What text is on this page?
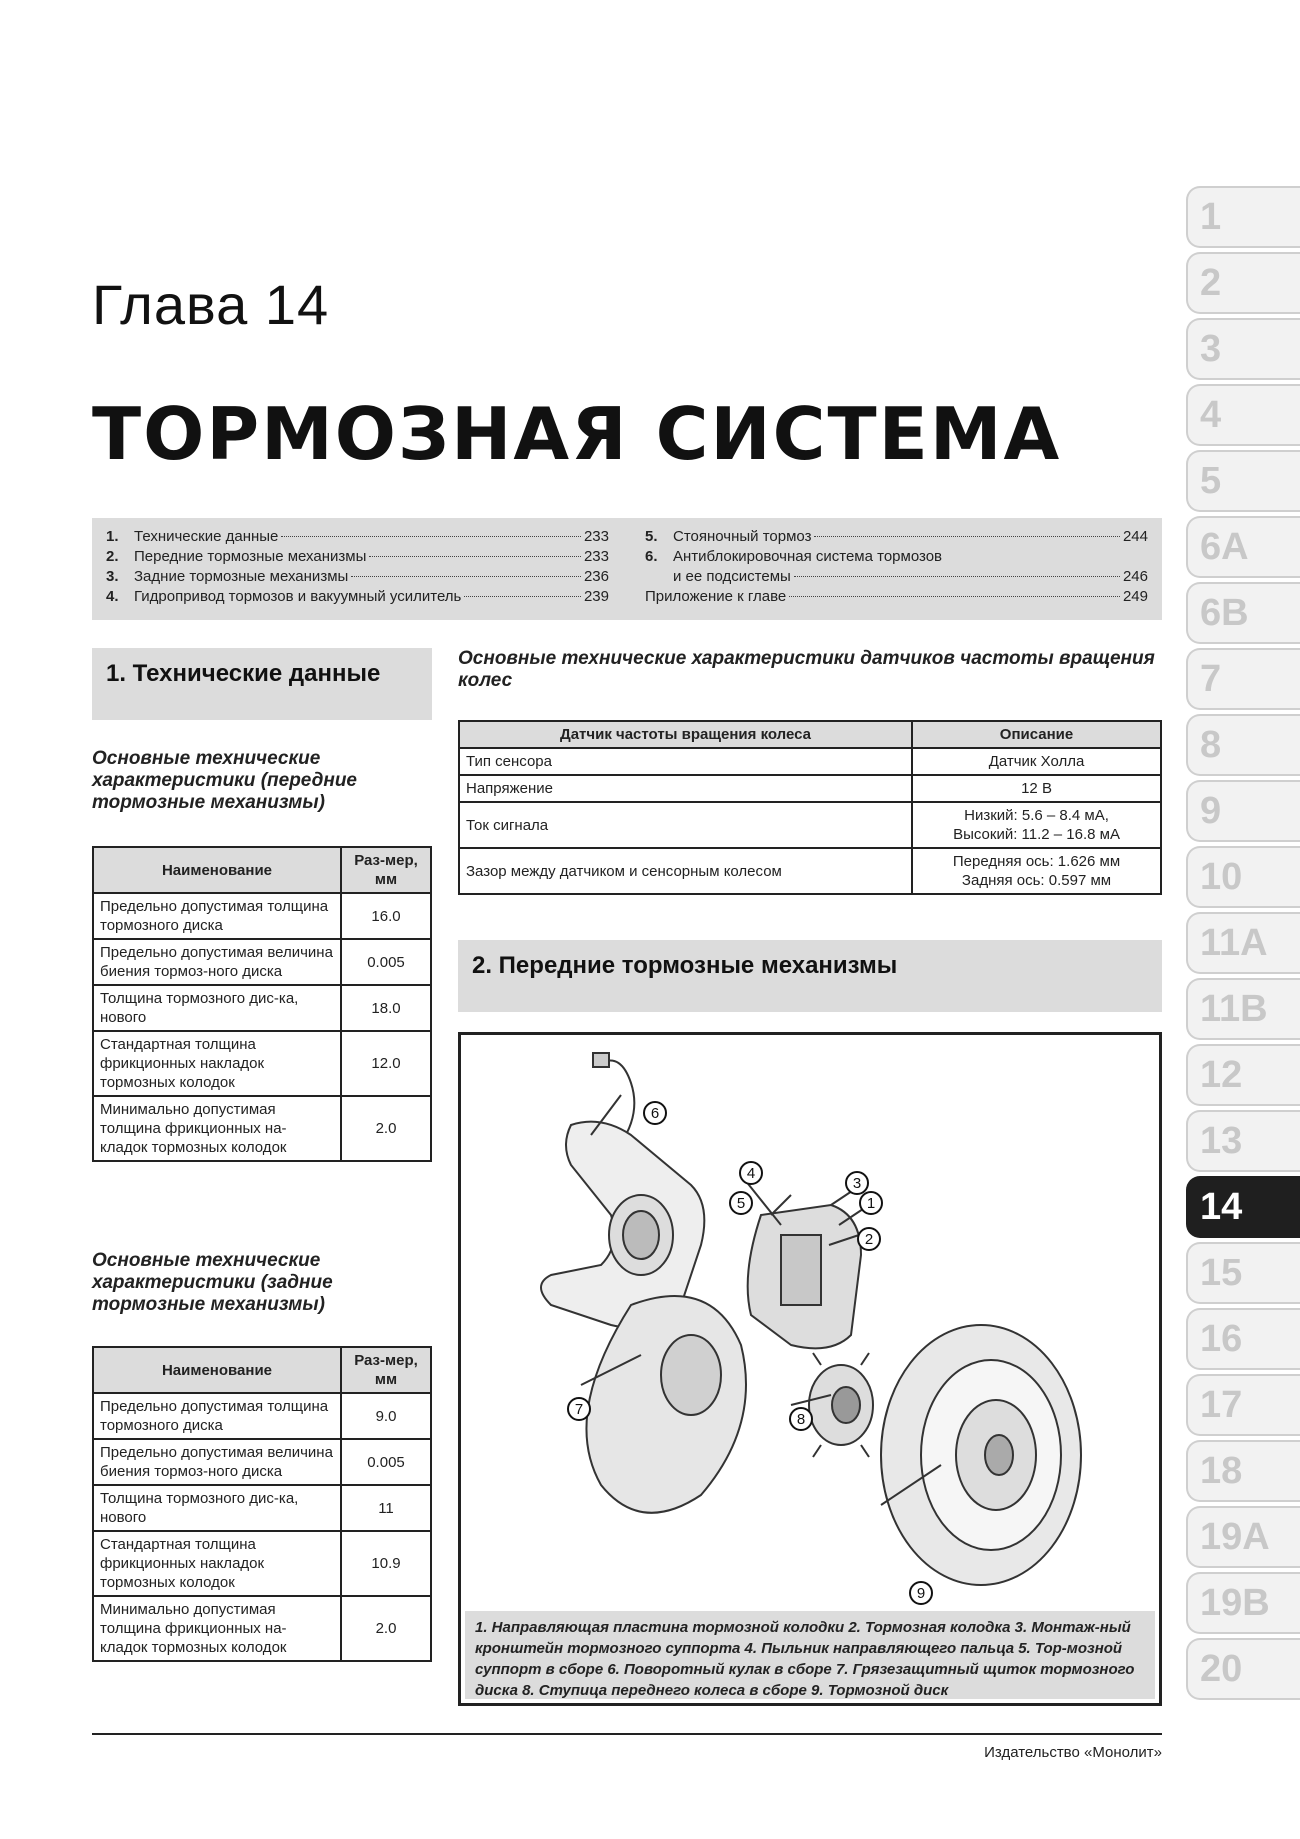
Глава 14
ТОРМОЗНАЯ СИСТЕМА
1.	Технические данные	233
2.	Передние тормозные механизмы	233
3.	Задние тормозные механизмы	236
4.	Гидропривод тормозов и вакуумный усилитель	239
5.	Стояночный тормоз	244
6.	Антиблокировочная система тормозов
и ее подсистемы	246
Приложение к главе	249
1. Технические данные
Основные технические характеристики (передние тормозные механизмы)
Наименование	Раз-мер, мм
Предельно допустимая толщина тормозного диска	16.0
Предельно допустимая величина биения тормоз-ного диска	0.005
Толщина тормозного дис-ка, нового	18.0
Стандартная толщина фрикционных накладок тормозных колодок	12.0
Минимально допустимая толщина фрикционных на-кладок тормозных колодок	2.0
Основные технические характеристики (задние тормозные механизмы)
Наименование	Раз-мер, мм
Предельно допустимая толщина тормозного диска	9.0
Предельно допустимая величина биения тормоз-ного диска	0.005
Толщина тормозного дис-ка, нового	11
Стандартная толщина фрикционных накладок тормозных колодок	10.9
Минимально допустимая толщина фрикционных на-кладок тормозных колодок	2.0
Основные технические характеристики датчиков частоты вращения колес
Датчик частоты вращения колеса	Описание
Тип сенсора	Датчик Холла
Напряжение	12 В
Ток сигнала	Низкий: 5.6 – 8.4 мА,
Высокий: 11.2 – 16.8 мА

Зазор между датчиком и сенсорным колесом	Передняя ось: 1.626 мм
Задняя ось: 0.597 мм
2. Передние тормозные механизмы
1
2
3
4
5
6
7
8
9
1. Направляющая пластина тормозной колодки 2. Тормозная колодка 3. Монтаж-ный кронштейн тормозного суппорта 4. Пыльник направляющего пальца 5. Тор-мозной суппорт в сборе 6. Поворотный кулак в сборе 7. Грязезащитный щиток тормозного диска 8. Ступица переднего колеса в сборе 9. Тормозной диск
Издательство «Монолит»
1
2
3
4
5
6A
6B
7
8
9
10
11A
11B
12
13
14
15
16
17
18
19A
19B
20
